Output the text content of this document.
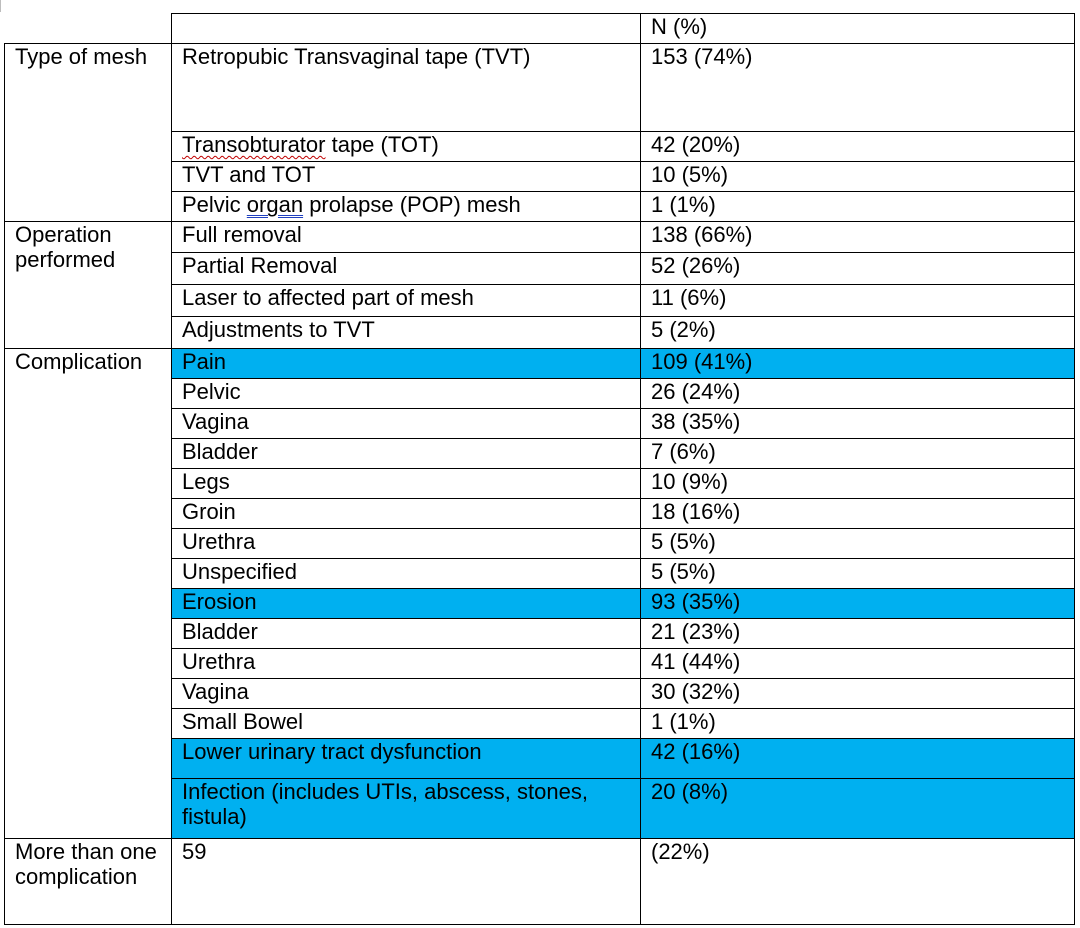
		N (%)
Type of mesh	Retropubic Transvaginal tape (TVT)	153 (74%)
	Transobturator tape (TOT)	42 (20%)
	TVT and TOT	10 (5%)
	Pelvic organ prolapse (POP) mesh	1 (1%)
Operation performed	Full removal	138 (66%)
	Partial Removal	52 (26%)
	Laser to affected part of mesh	11 (6%)
	Adjustments to TVT	5 (2%)
Complication	Pain	109 (41%)
	Pelvic	26 (24%)
	Vagina	38 (35%)
	Bladder	7 (6%)
	Legs	10 (9%)
	Groin	18 (16%)
	Urethra	5 (5%)
	Unspecified	5 (5%)
	Erosion	93 (35%)
	Bladder	21 (23%)
	Urethra	41 (44%)
	Vagina	30 (32%)
	Small Bowel	1 (1%)
	Lower urinary tract dysfunction	42 (16%)
	Infection (includes UTIs, abscess, stones, fistula)	20 (8%)
More than one complication	59	(22%)
